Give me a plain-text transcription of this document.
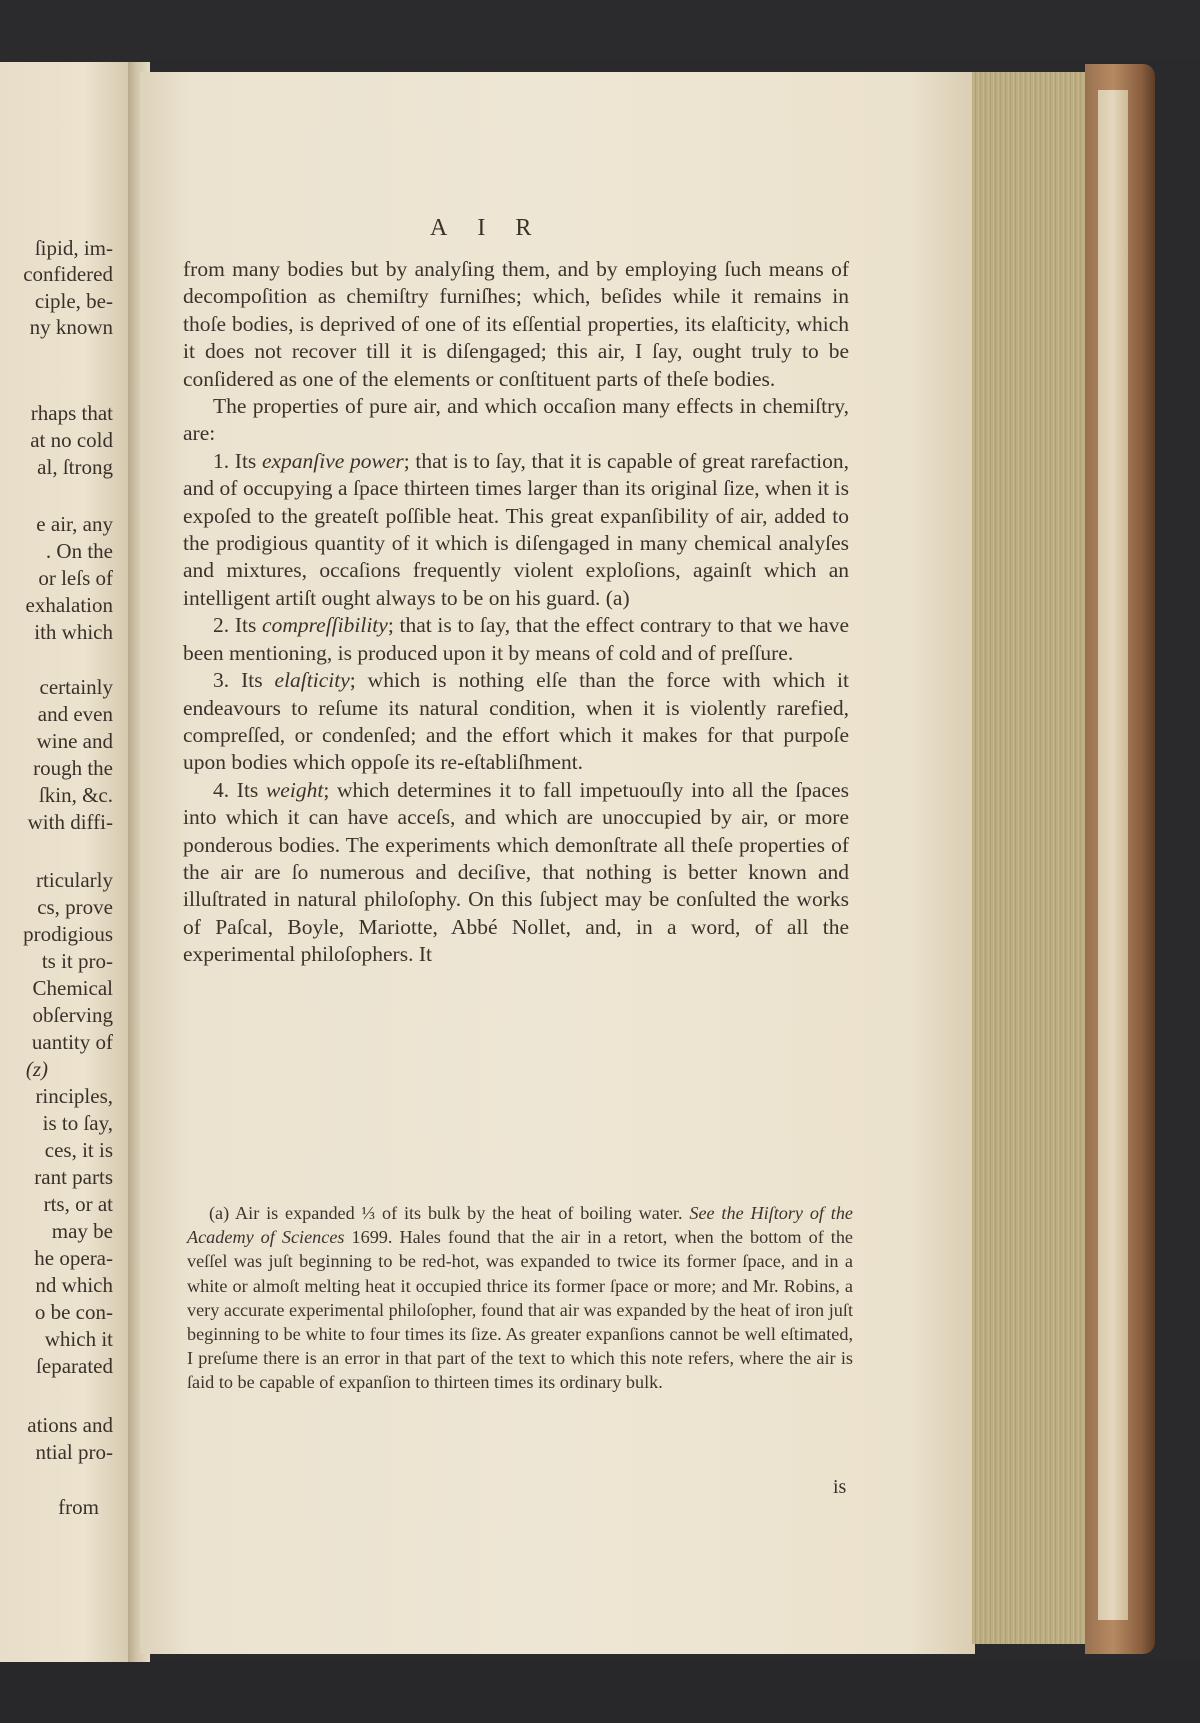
ſipid, im-
confidered
ciple, be-
ny known
rhaps that
at no cold
al, ſtrong
e air, any
. On the
or leſs of
exhalation
ith which
certainly
and even
wine and
rough the
ſkin, &c.
with diffi-
rticularly
cs, prove
prodigious
ts it pro-
Chemical
obſerving
uantity of
(z)
rinciples,
is to ſay,
ces, it is
rant parts
rts, or at
may be
he opera-
nd which
o be con-
which it
ſeparated
ations and
ntial pro-
from
AIR

from many bodies but by analyſing them, and by employing ſuch means of decompoſition as chemiſtry furniſhes; which, beſides while it remains in thoſe bodies, is deprived of one of its eſſential properties, its elaſticity, which it does not recover till it is diſengaged; this air, I ſay, ought truly to be conſidered as one of the elements or conſtituent parts of theſe bodies.

The properties of pure air, and which occaſion many effects in chemiſtry, are:

1. Its expanſive power; that is to ſay, that it is capable of great rarefaction, and of occupying a ſpace thirteen times larger than its original ſize, when it is expoſed to the greateſt poſſible heat. This great expanſibility of air, added to the prodigious quantity of it which is diſengaged in many chemical analyſes and mixtures, occaſions frequently violent exploſions, againſt which an intelligent artiſt ought always to be on his guard. (a)

2. Its compreſſibility; that is to ſay, that the effect contrary to that we have been mentioning, is produced upon it by means of cold and of preſſure.

3. Its elaſticity; which is nothing elſe than the force with which it endeavours to reſume its natural condition, when it is violently rarefied, compreſſed, or condenſed; and the effort which it makes for that purpoſe upon bodies which oppoſe its re-eſtabliſhment.

4. Its weight; which determines it to fall impetuouſly into all the ſpaces into which it can have acceſs, and which are unoccupied by air, or more ponderous bodies. The experiments which demonſtrate all theſe properties of the air are ſo numerous and deciſive, that nothing is better known and illuſtrated in natural philoſophy. On this ſubject may be conſulted the works of Paſcal, Boyle, Mariotte, Abbé Nollet, and, in a word, of all the experimental philoſophers. It

(a) Air is expanded ⅓ of its bulk by the heat of boiling water. See the Hiſtory of the Academy of Sciences 1699. Hales found that the air in a retort, when the bottom of the veſſel was juſt beginning to be red-hot, was expanded to twice its former ſpace, and in a white or almoſt melting heat it occupied thrice its former ſpace or more; and Mr. Robins, a very accurate experimental philoſopher, found that air was expanded by the heat of iron juſt beginning to be white to four times its ſize. As greater expanſions cannot be well eſtimated, I preſume there is an error in that part of the text to which this note refers, where the air is ſaid to be capable of expanſion to thirteen times its ordinary bulk.
is
